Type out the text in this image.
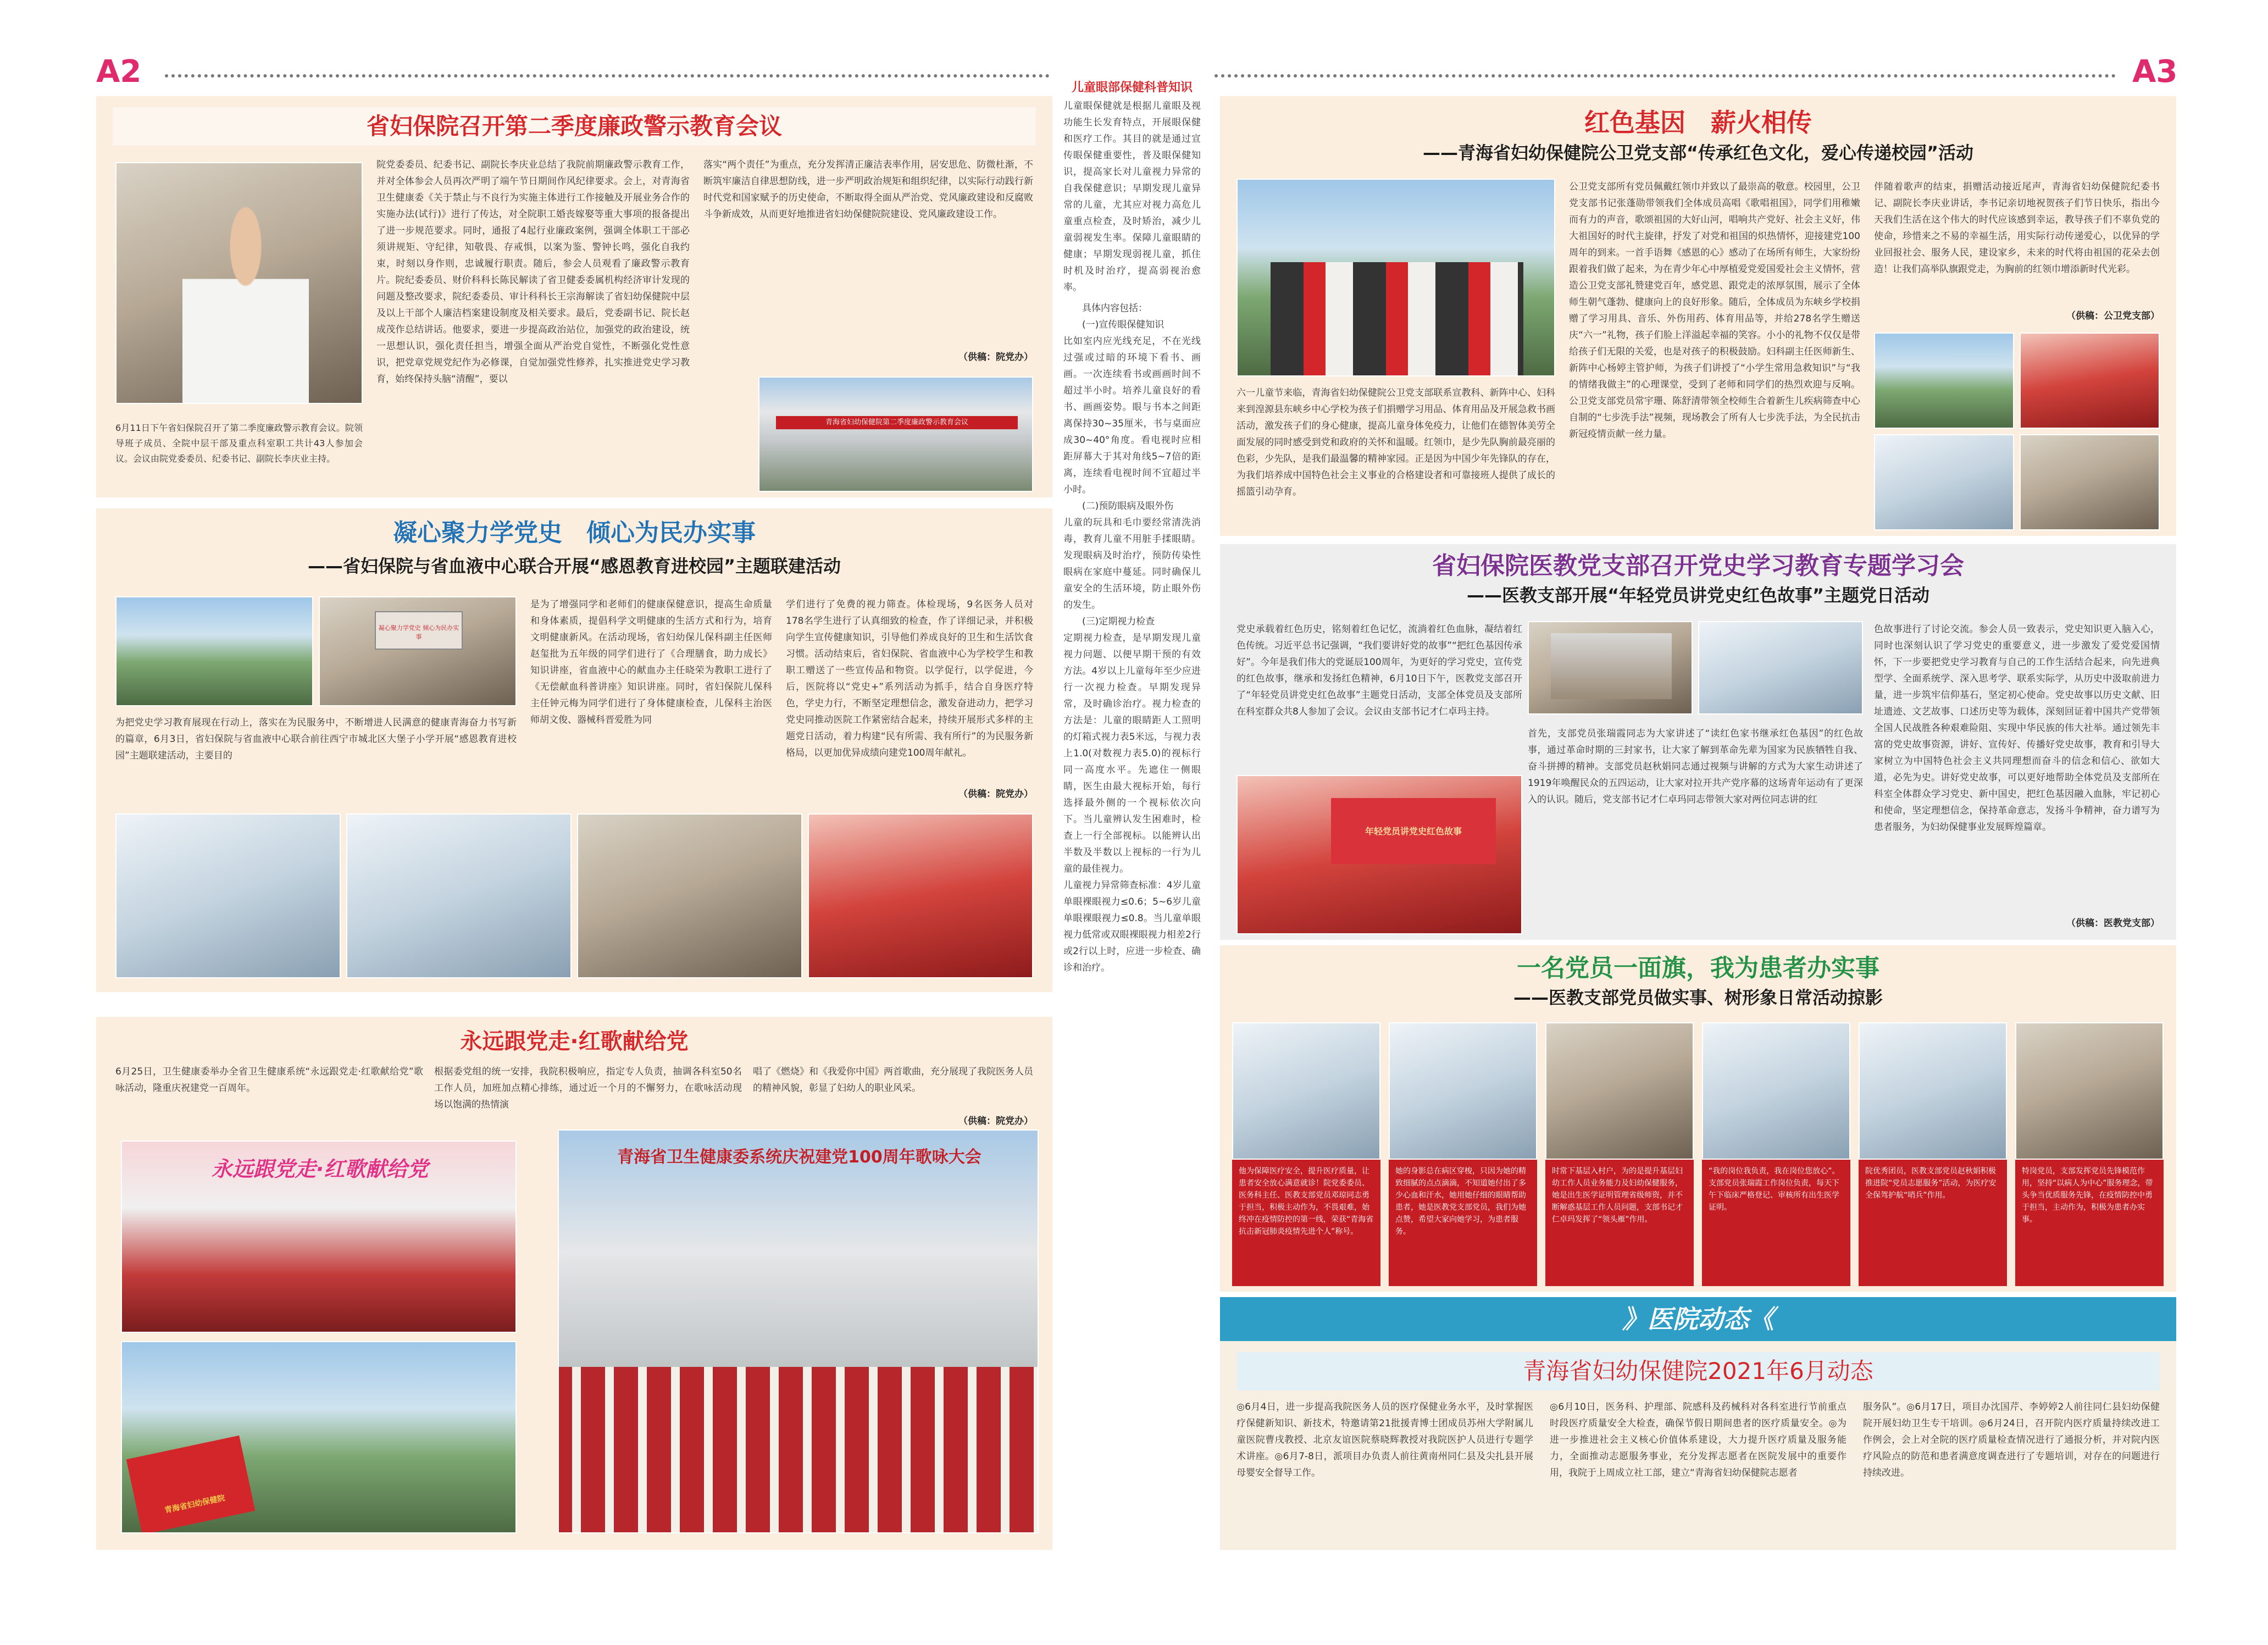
A2	儿童眼部保健科普知识	A3
省妇保院召开第二季度廉政警示教育会议
6月11日下午省妇保院召开了第二季度廉政警示教育会议。院领导班子成员、全院中层干部及重点科室职工共计43人参加会议。会议由院党委委员、纪委书记、副院长李庆业主持。
院党委委员、纪委书记、副院长李庆业总结了我院前期廉政警示教育工作，并对全体参会人员再次严明了端午节日期间作风纪律要求。会上，对青海省卫生健康委《关于禁止与不良行为实施主体进行工作接触及开展业务合作的实施办法(试行)》进行了传达，对全院职工婚丧嫁娶等重大事项的报备提出了进一步规范要求。同时，通报了4起行业廉政案例，强调全体职工干部必须讲规矩、守纪律，知敬畏、存戒惧，以案为鉴、警钟长鸣，强化自我约束，时刻以身作则，忠诚履行职责。随后，参会人员观看了廉政警示教育片。院纪委委员、财价科科长陈民解读了省卫健委委属机构经济审计发现的问题及整改要求，院纪委委员、审计科科长王宗海解读了省妇幼保健院中层及以上干部个人廉洁档案建设制度及相关要求。最后，党委副书记、院长赵成茂作总结讲话。他要求，要进一步提高政治站位，加强党的政治建设，统一思想认识，强化责任担当，增强全面从严治党自觉性，不断强化党性意识，把党章党规党纪作为必修课，自觉加强党性修养，扎实推进党史学习教育，始终保持头脑“清醒”，要以
落实“两个责任”为重点，充分发挥清正廉洁表率作用，居安思危、防微杜渐，不断筑牢廉洁自律思想防线，进一步严明政治规矩和组织纪律，以实际行动践行新时代党和国家赋予的历史使命，不断取得全面从严治党、党风廉政建设和反腐败斗争新成效，从而更好地推进省妇幼保健院院建设、党风廉政建设工作。
（供稿：院党办）
青海省妇幼保健院第二季度廉政警示教育会议
凝心聚力学党史　倾心为民办实事
——省妇保院与省血液中心联合开展“感恩教育进校园”主题联建活动
凝心聚力学党史 倾心为民办实事
为把党史学习教育展现在行动上，落实在为民服务中，不断增进人民满意的健康青海奋力书写新的篇章，6月3日，省妇保院与省血液中心联合前往西宁市城北区大堡子小学开展“感恩教育进校园”主题联建活动，主要目的
是为了增强同学和老师们的健康保健意识，提高生命质量和身体素质，提倡科学文明健康的生活方式和行为，培育文明健康新风。在活动现场，省妇幼保儿保科副主任医师赵玺批为五年级的同学们进行了《合理膳食，助力成长》知识讲座，省血液中心的献血办主任晓荣为教职工进行了《无偿献血科普讲座》知识讲座。同时，省妇保院儿保科主任钟元梅为同学们进行了身体健康检查，儿保科主治医师胡文俊、器械科晋爱胜为同
学们进行了免费的视力筛查。体检现场，9名医务人员对178名学生进行了认真细致的检查，作了详细记录，并积极向学生宣传健康知识，引导他们养成良好的卫生和生活饮食习惯。活动结束后，省妇保院、省血液中心为学校学生和教职工赠送了一些宣传品和物资。以学促行，以学促进，今后，医院将以“党史+”系列活动为抓手，结合自身医疗特色，学史力行，不断坚定理想信念，激发奋进动力，把学习党史同推动医院工作紧密结合起来，持续开展形式多样的主题党日活动，着力构建“民有所需、我有所行”的为民服务新格局，以更加优异成绩向建党100周年献礼。
（供稿：院党办）
永远跟党走·红歌献给党
6月25日，卫生健康委举办全省卫生健康系统“永远跟党走·红歌献给党”歌咏活动，隆重庆祝建党一百周年。
根据委党组的统一安排，我院积极响应，指定专人负责，抽调各科室50名工作人员，加班加点精心排练，通过近一个月的不懈努力，在歌咏活动现场以饱满的热情演
唱了《燃烧》和《我爱你中国》两首歌曲，充分展现了我院医务人员的精神风貌，彰显了妇幼人的职业风采。
（供稿：院党办）
永远跟党走·红歌献给党
青海省妇幼保健院
青海省卫生健康委系统庆祝建党100周年歌咏大会
儿童眼保健就是根据儿童眼及视功能生长发育特点，开展眼保健和医疗工作。其目的就是通过宣传眼保健重要性，普及眼保健知识，提高家长对儿童视力异常的自我保健意识；早期发现儿童异常的儿童，尤其应对视力高危儿童重点检查，及时矫治，减少儿童弱视发生率。保障儿童眼睛的健康；早期发现弱视儿童，抓住时机及时治疗，提高弱视治愈率。
具体内容包括：
(一)宣传眼保健知识
比如室内应光线充足，不在光线过强或过暗的环境下看书、画画。一次连续看书或画画时间不超过半小时。培养儿童良好的看书、画画姿势。眼与书本之间距离保持30~35厘米，书与桌面应成30~40°角度。看电视时应相距屏幕大于其对角线5~7倍的距离，连续看电视时间不宜超过半小时。
(二)预防眼病及眼外伤
儿童的玩具和毛巾要经常清洗消毒，教育儿童不用脏手揉眼睛。发现眼病及时治疗，预防传染性眼病在家庭中蔓延。同时确保儿童安全的生活环境，防止眼外伤的发生。
(三)定期视力检查
定期视力检查，是早期发现儿童视力问题、以便早期干预的有效方法。4岁以上儿童每年至少应进行一次视力检查。早期发现异常，及时确诊治疗。视力检查的方法是：儿童的眼睛距人工照明的灯箱式视力表5米远，与视力表上1.0(对数视力表5.0)的视标行同一高度水平。先遮住一侧眼睛，医生由最大视标开始，每行选择最外侧的一个视标依次向下。当儿童辨认发生困难时，检查上一行全部视标。以能辨认出半数及半数以上视标的一行为儿童的最佳视力。
儿童视力异常筛查标准：4岁儿童单眼裸眼视力≤0.6；5~6岁儿童单眼裸眼视力≤0.8。当儿童单眼视力低常或双眼裸眼视力相差2行或2行以上时，应进一步检查、确诊和治疗。
红色基因　薪火相传
——青海省妇幼保健院公卫党支部“传承红色文化，爱心传递校园”活动
六一儿童节来临，青海省妇幼保健院公卫党支部联系宣教科、新阵中心、妇科来到湟源县东峡乡中心学校为孩子们捐赠学习用品、体育用品及开展急救书画活动，激发孩子们的身心健康，提高儿童身体免疫力，让他们在德智体美劳全面发展的同时感受到党和政府的关怀和温暖。红领巾，是少先队胸前最亮丽的色彩，少先队，是我们最温馨的精神家园。正是因为中国少年先锋队的存在，为我们培养成中国特色社会主义事业的合格建设者和可靠接班人提供了成长的摇篮引动孕育。
公卫党支部所有党员佩戴红领巾并致以了最崇高的敬意。校园里，公卫党支部书记张蓬勋带领我们全体成员高唱《歌唱祖国》，同学们用稚嫩而有力的声音，歌颂祖国的大好山河，唱响共产党好、社会主义好，伟大祖国好的时代主旋律，抒发了对党和祖国的炽热情怀，迎接建党100周年的到来。一首手语舞《感恩的心》感动了在场所有师生，大家纷纷跟着我们做了起来，为在青少年心中厚植爱党爱国爱社会主义情怀，营造公卫党支部礼赞建党百年，感党恩、跟党走的浓厚氛围，展示了全体师生朝气蓬勃、健康向上的良好形象。随后，全体成员为东峡乡学校捐赠了学习用具、音乐、外伤用药、体育用品等，并给278名学生赠送庆“六一”礼物，孩子们脸上洋溢起幸福的笑容。小小的礼物不仅仅是带给孩子们无限的关爱，也是对孩子的积极鼓励。妇科副主任医师新生、新阵中心杨婷主管护师，为孩子们讲授了“小学生常用急救知识”与“我的情绪我做主”的心理课堂，受到了老师和同学们的热烈欢迎与反响。公卫党支部党员常宇珊、陈舒清带领全校师生合着新生儿疾病筛查中心自制的“七步洗手法”视频，现场教会了所有人七步洗手法，为全民抗击新冠疫情贡献一丝力量。
伴随着歌声的结束，捐赠活动接近尾声，青海省妇幼保健院纪委书记、副院长李庆业讲话，李书记亲切地祝贺孩子们节日快乐，指出今天我们生活在这个伟大的时代应该感到幸运，教导孩子们不辜负党的使命，珍惜来之不易的幸福生活，用实际行动传递爱心，以优异的学业回报社会、服务人民，建设家乡，未来的时代将由祖国的花朵去创造！让我们高举队旗跟党走，为胸前的红领巾增添新时代光彩。
（供稿：公卫党支部）
省妇保院医教党支部召开党史学习教育专题学习会
——医教支部开展“年轻党员讲党史红色故事”主题党日活动
党史承载着红色历史，铭刻着红色记忆，流淌着红色血脉，凝结着红色传统。习近平总书记强调，“我们要讲好党的故事”“把红色基因传承好”。今年是我们伟大的党诞辰100周年，为更好的学习党史，宣传党的红色故事，继承和发扬红色精神，6月10日下午，医教党支部召开了“年轻党员讲党史红色故事”主题党日活动，支部全体党员及支部所在科室群众共8人参加了会议。会议由支部书记才仁卓玛主持。
年轻党员讲党史红色故事
首先，支部党员张瑞霞同志为大家讲述了“读红色家书继承红色基因”的红色故事，通过革命时期的三封家书，让大家了解到革命先辈为国家为民族牺牲自我、奋斗拼搏的精神。支部党员赵秋娟同志通过视频与讲解的方式为大家生动讲述了1919年唤醒民众的五四运动，让大家对拉开共产党序幕的这场青年运动有了更深入的认识。随后，党支部书记才仁卓玛同志带领大家对两位同志讲的红
色故事进行了讨论交流。参会人员一致表示，党史知识更入脑入心，同时也深刻认识了学习党史的重要意义，进一步激发了爱党爱国情怀，下一步要把党史学习教育与自己的工作生活结合起来，向先进典型学、全面系统学、深入思考学、联系实际学，从历史中汲取前进力量，进一步筑牢信仰基石，坚定初心使命。党史故事以历史文献、旧址遗迹、文艺故事、口述历史等为载体，深刻回证着中国共产党带领全国人民战胜各种艰难险阻、实现中华民族的伟大社举。通过领先丰富的党史故事资源，讲好、宣传好、传播好党史故事，教育和引导大家树立为中国特色社会主义共同理想而奋斗的信念和信心、欲如大道，必先为史。讲好党史故事，可以更好地帮助全体党员及支部所在科室全体群众学习党史、新中国史，把红色基因融入血脉，牢记初心和使命，坚定理想信念，保持革命意志，发扬斗争精神，奋力谱写为患者服务，为妇幼保健事业发展辉煌篇章。
（供稿：医教党支部）
一名党员一面旗，我为患者办实事
——医教支部党员做实事、树形象日常活动掠影
他为保障医疗安全，提升医疗质量，让患者安全放心满意就诊！院党委委员、医务科主任、医教支部党员邓琼同志勇于担当，积极主动作为，不畏艰难，始终冲在疫情防控的第一线，荣获“青海省抗击新冠肺炎疫情先进个人”称号。
她的身影总在病区穿梭，只因为她的精致细腻的点点滴滴，不知道她付出了多少心血和汗水，她用她仔细的眼睛帮助患者，她是医教党支部党员，我们为她点赞，希望大家向她学习，为患者服务。
时常下基层入村户，为的是提升基层妇幼工作人员业务能力及妇幼保健服务，她是出生医学证明管理省级师资，并不断解惑基层工作人员问题，支部书记才仁卓玛发挥了“领头雁”作用。
“我的岗位我负责，我在岗位您放心”。支部党员张瑞霞工作岗位负责，每天下午下临床严格登记、审核所有出生医学证明。
院优秀团员，医教支部党员赵秋娟积极推进院“党员志愿服务”活动，为医疗安全保驾护航“哨兵”作用。
特岗党员，支部发挥党员先锋模范作用，坚持“以病人为中心”服务理念，带头争当优质服务先锋，在疫情防控中勇于担当，主动作为，积极为患者办实事。
》医院动态《
青海省妇幼保健院2021年6月动态
◎6月4日，进一步提高我院医务人员的医疗保健业务水平，及时掌握医疗保健新知识、新技术，特邀请第21批援青博士团成员苏州大学附属儿童医院曹戌教授、北京友谊医院蔡晓辉教授对我院医护人员进行专题学术讲座。◎6月7-8日，派项目办负责人前往黄南州同仁县及尖扎县开展母婴安全督导工作。
◎6月10日，医务科、护理部、院感科及药械科对各科室进行节前重点时段医疗质量安全大检查，确保节假日期间患者的医疗质量安全。◎为进一步推进社会主义核心价值体系建设，大力提升医疗质量及服务能力，全面推动志愿服务事业，充分发挥志愿者在医院发展中的重要作用，我院于上周成立社工部，建立“青海省妇幼保健院志愿者
服务队”。◎6月17日，项目办沈国芹、李婷婷2人前往同仁县妇幼保健院开展妇幼卫生专干培训。◎6月24日，召开院内医疗质量持续改进工作例会，会上对全院的医疗质量检查情况进行了通报分析，并对院内医疗风险点的防范和患者满意度调查进行了专题培训，对存在的问题进行持续改进。
